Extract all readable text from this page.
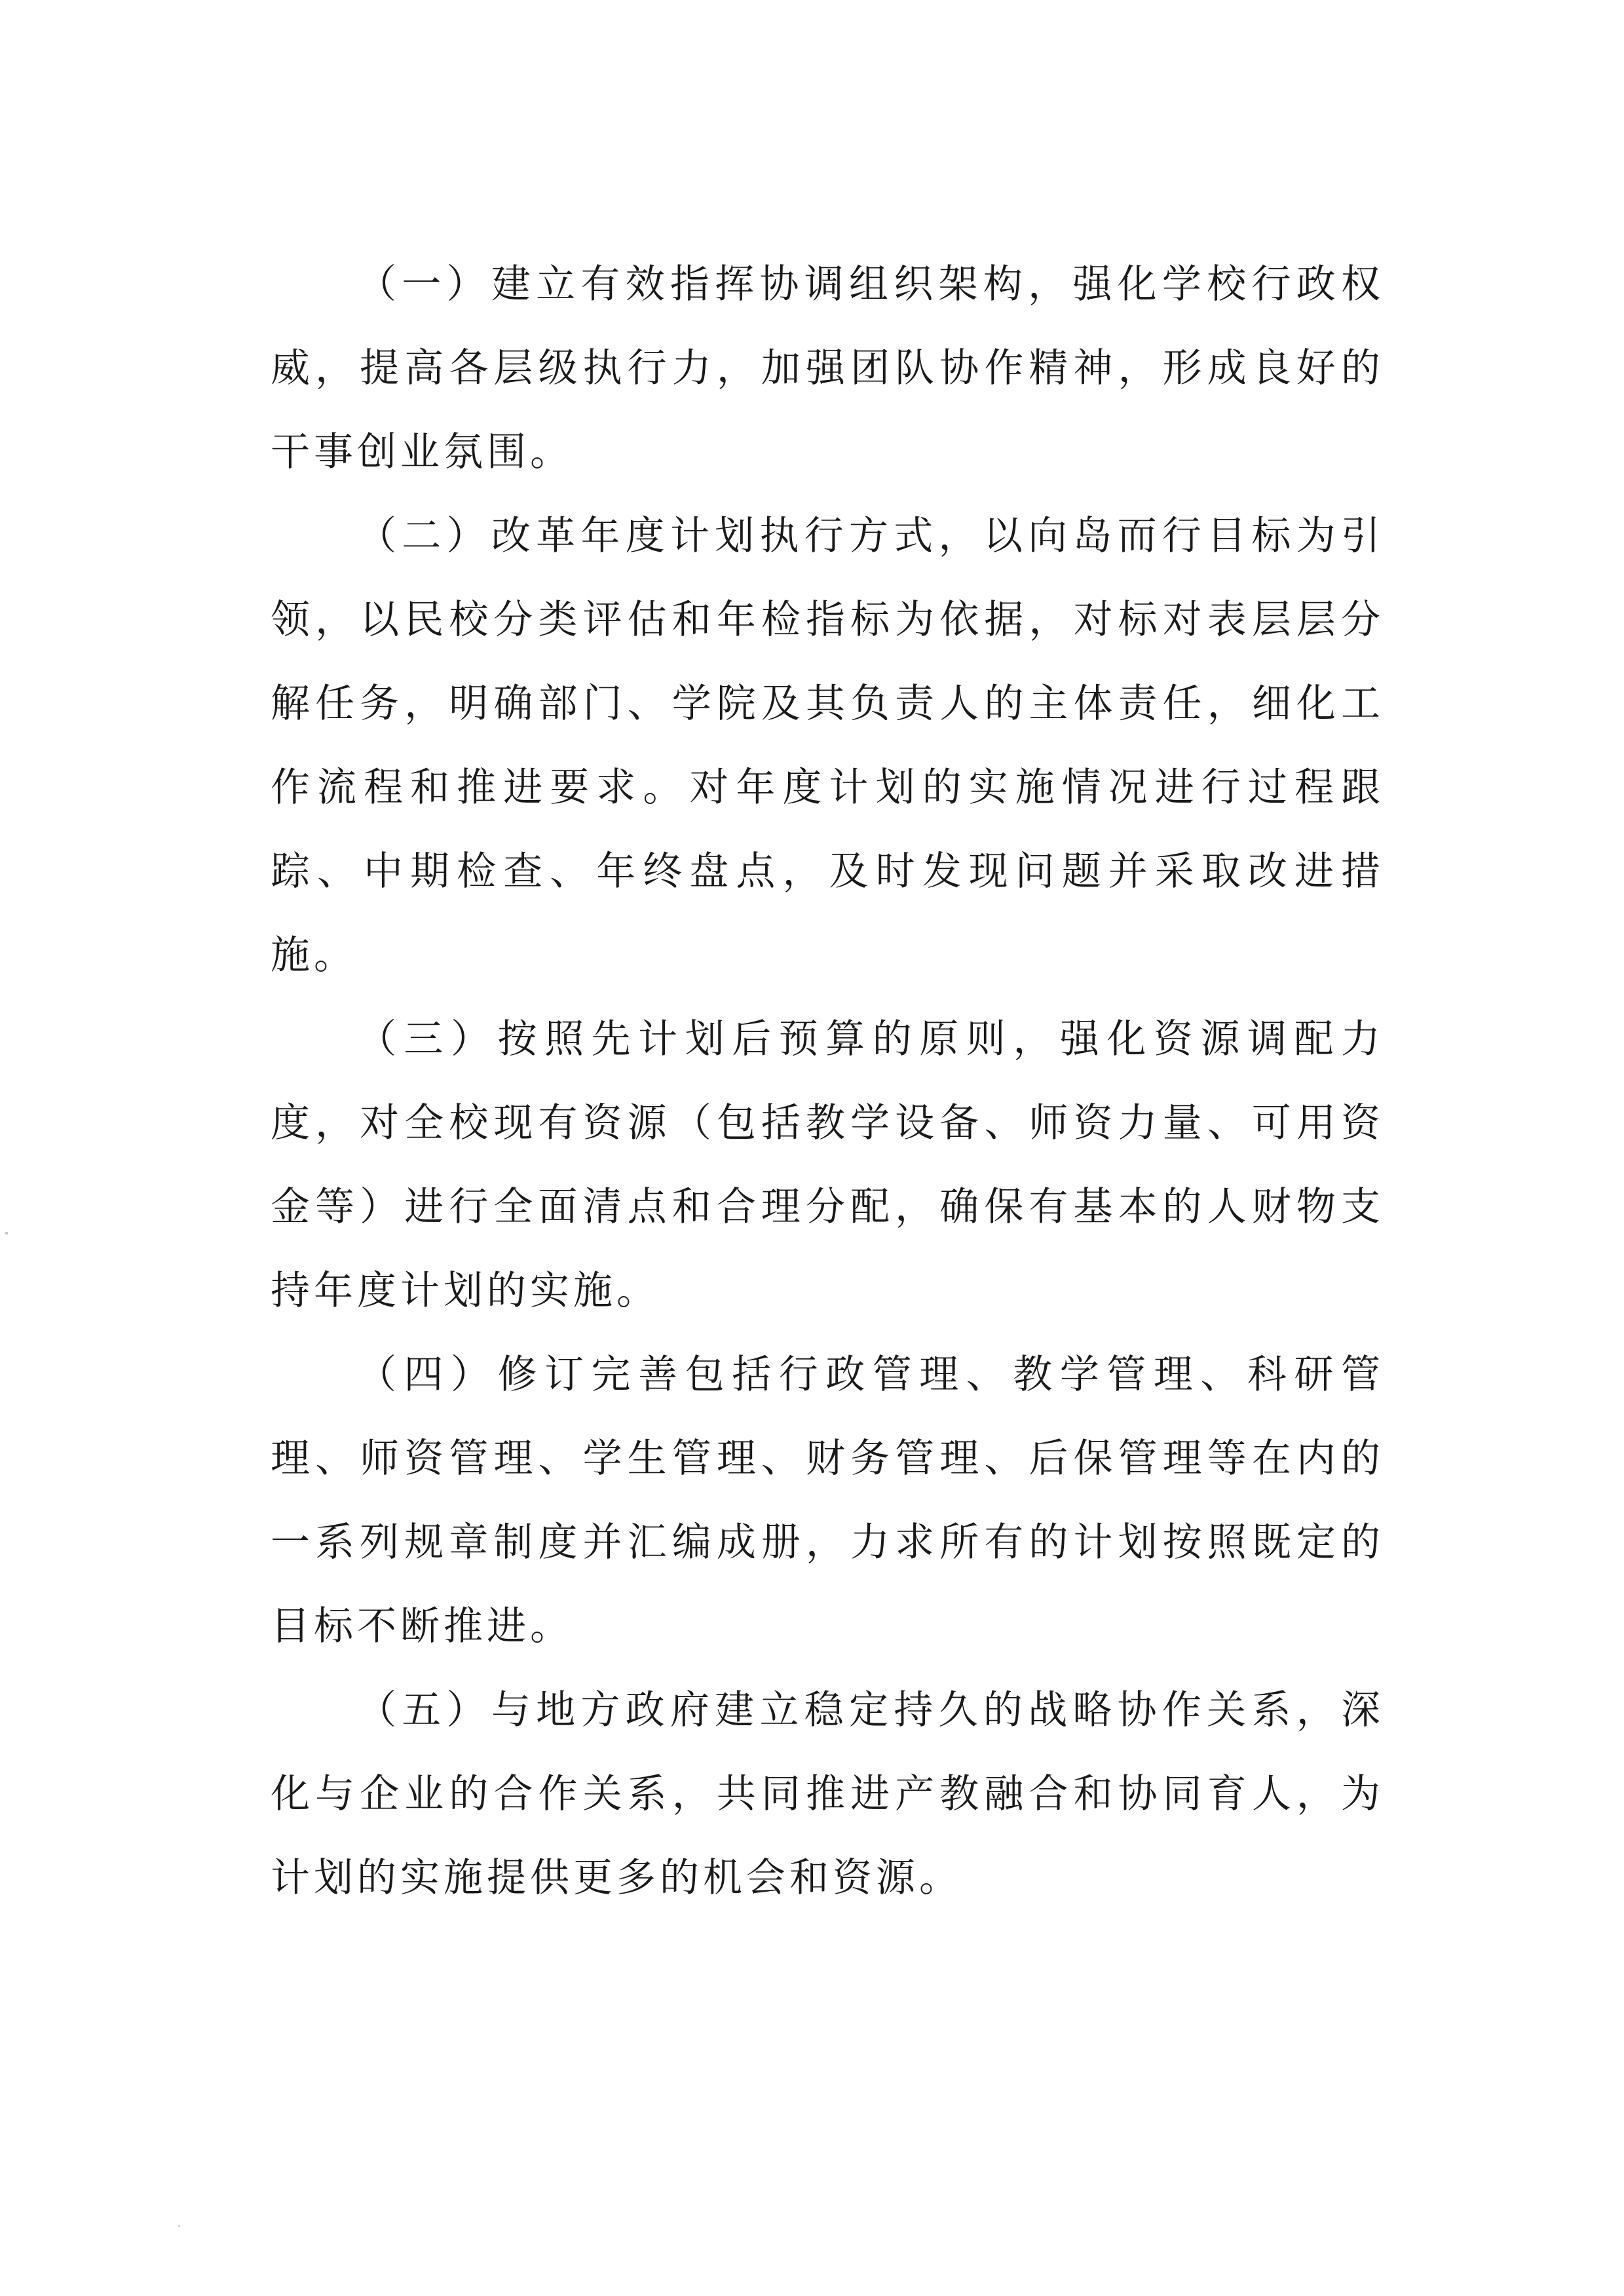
（一）建立有效指挥协调组织架构，强化学校行政权威，提高各层级执行力，加强团队协作精神，形成良好的干事创业氛围。

（二）改革年度计划执行方式，以向岛而行目标为引领，以民校分类评估和年检指标为依据，对标对表层层分解任务，明确部门、学院及其负责人的主体责任，细化工作流程和推进要求。对年度计划的实施情况进行过程跟踪、中期检查、年终盘点，及时发现问题并采取改进措施。

（三）按照先计划后预算的原则，强化资源调配力度，对全校现有资源（包括教学设备、师资力量、可用资金等）进行全面清点和合理分配，确保有基本的人财物支持年度计划的实施。

（四）修订完善包括行政管理、教学管理、科研管理、师资管理、学生管理、财务管理、后保管理等在内的一系列规章制度并汇编成册，力求所有的计划按照既定的目标不断推进。

（五）与地方政府建立稳定持久的战略协作关系，深化与企业的合作关系，共同推进产教融合和协同育人，为计划的实施提供更多的机会和资源。
